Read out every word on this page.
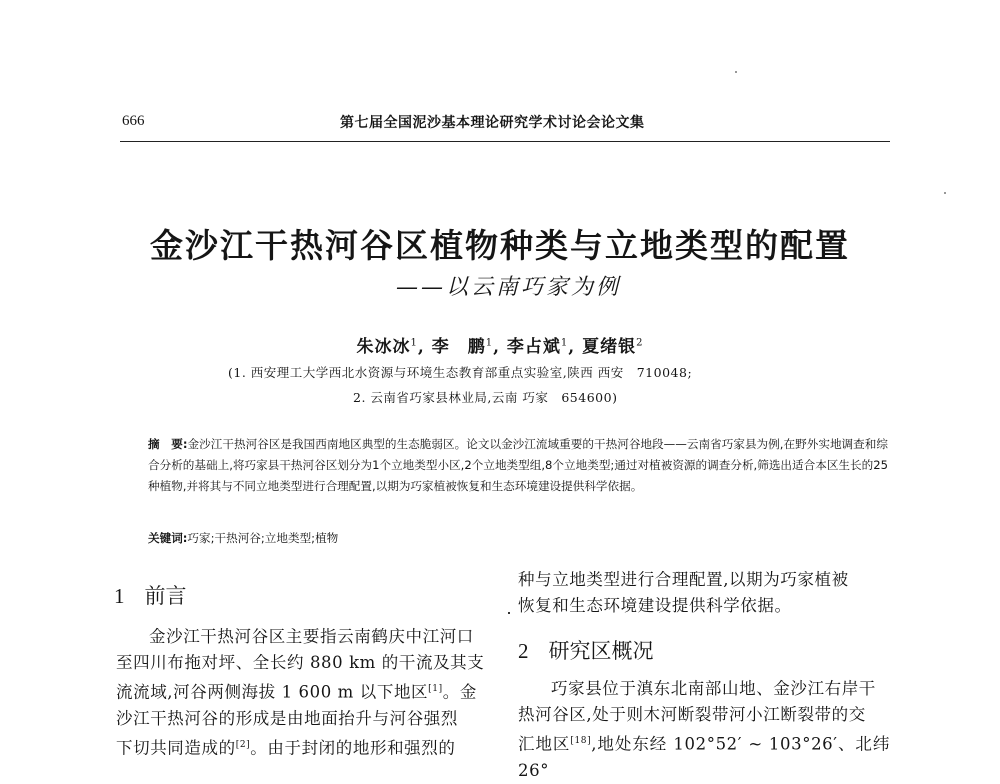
666	第七届全国泥沙基本理论研究学术讨论会论文集
金沙江干热河谷区植物种类与立地类型的配置
——以云南巧家为例
朱冰冰$^1$, 李　鹏$^1$, 李占斌$^1$, 夏绪银$^2$
(1. 西安理工大学西北水资源与环境生态教育部重点实验室,陕西 西安　710048;
2. 云南省巧家县林业局,云南 巧家　654600)
摘　要:金沙江干热河谷区是我国西南地区典型的生态脆弱区。论文以金沙江流域重要的干热河谷地段——云南省巧家县为例,在野外实地调查和综合分析的基础上,将巧家县干热河谷区划分为1个立地类型小区,2个立地类型组,8个立地类型;通过对植被资源的调查分析,筛选出适合本区生长的25种植物,并将其与不同立地类型进行合理配置,以期为巧家植被恢复和生态环境建设提供科学依据。
关键词:巧家;干热河谷;立地类型;植物
1 前言
金沙江干热河谷区主要指云南鹤庆中江河口
至四川布拖对坪、全长约 880 km 的干流及其支
流流域,河谷两侧海拔 1 600 m 以下地区[1]。金
沙江干热河谷的形成是由地面抬升与河谷强烈
下切共同造成的[2]。由于封闭的地形和强烈的
种与立地类型进行合理配置,以期为巧家植被
恢复和生态环境建设提供科学依据。
2 研究区概况
巧家县位于滇东北南部山地、金沙江右岸干
热河谷区,处于则木河断裂带河小江断裂带的交
汇地区[18],地处东经 102°52′ ~ 103°26′、北纬 26°
